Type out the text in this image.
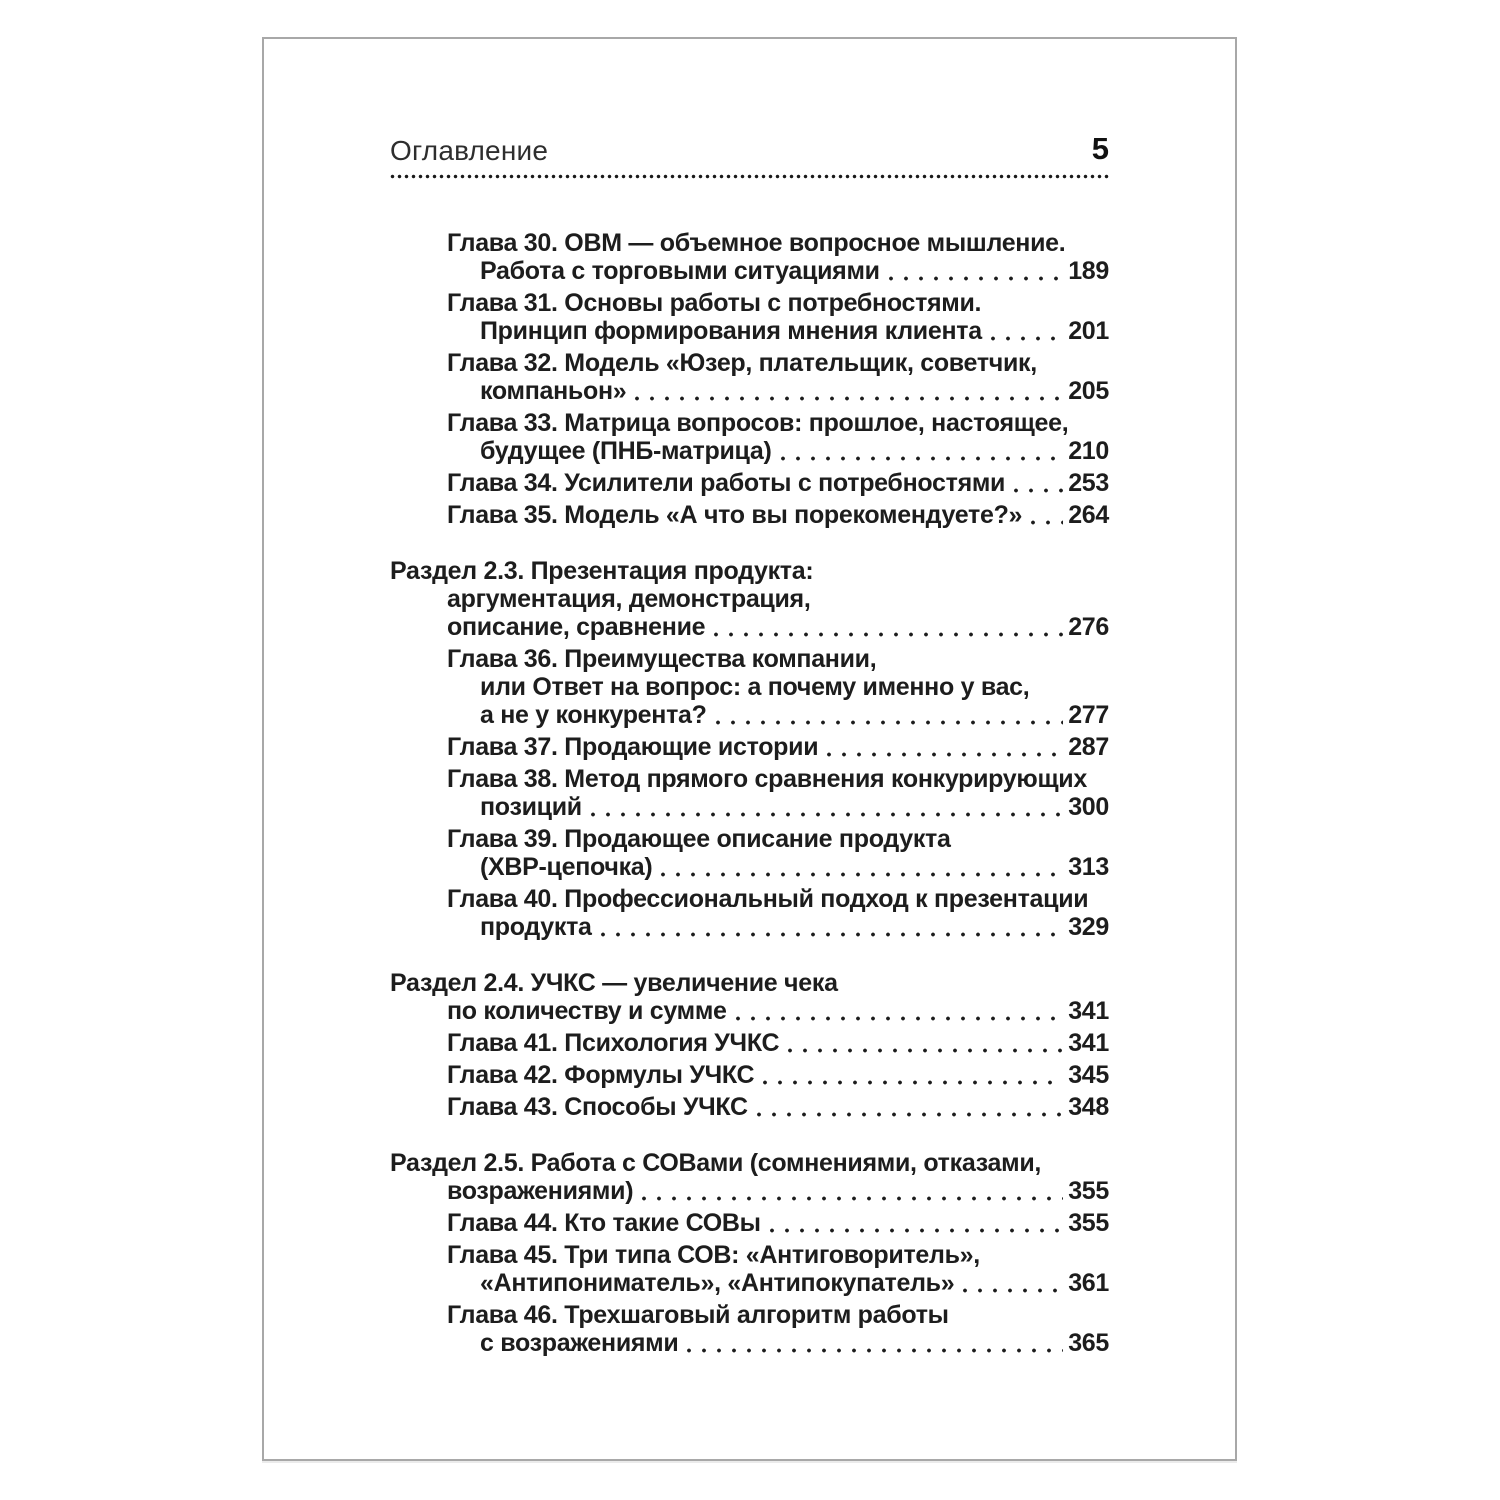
Оглавление	5
Глава 30. ОВМ — объемное вопросное мышление.
Работа с торговыми ситуациями	189
Глава 31. Основы работы с потребностями.
Принцип формирования мнения клиента	201
Глава 32. Модель «Юзер, плательщик, советчик,
компаньон»	205
Глава 33. Матрица вопросов: прошлое, настоящее,
будущее (ПНБ-матрица)	210
Глава 34. Усилители работы с потребностями	253
Глава 35. Модель «А что вы порекомендуете?» 264
Раздел 2.3. Презентация продукта:
аргументация, демонстрация,
описание, сравнение	276
Глава 36. Преимущества компании,
или Ответ на вопрос: а почему именно у вас,
а не у конкурента?	277
Глава 37. Продающие истории	287
Глава 38. Метод прямого сравнения конкурирующих
позиций	300
Глава 39. Продающее описание продукта
(ХВР-цепочка)	313
Глава 40. Профессиональный подход к презентации
продукта	329
Раздел 2.4. УЧКС — увеличение чека
по количеству и сумме	341
Глава 41. Психология УЧКС	341
Глава 42. Формулы УЧКС	345
Глава 43. Способы УЧКС	348
Раздел 2.5. Работа с СОВами (сомнениями, отказами,
возражениями)	355
Глава 44. Кто такие СОВы	355
Глава 45. Три типа СОВ: «Антиговоритель»,
«Антипониматель», «Антипокупатель»	361
Глава 46. Трехшаговый алгоритм работы
с возражениями	365
